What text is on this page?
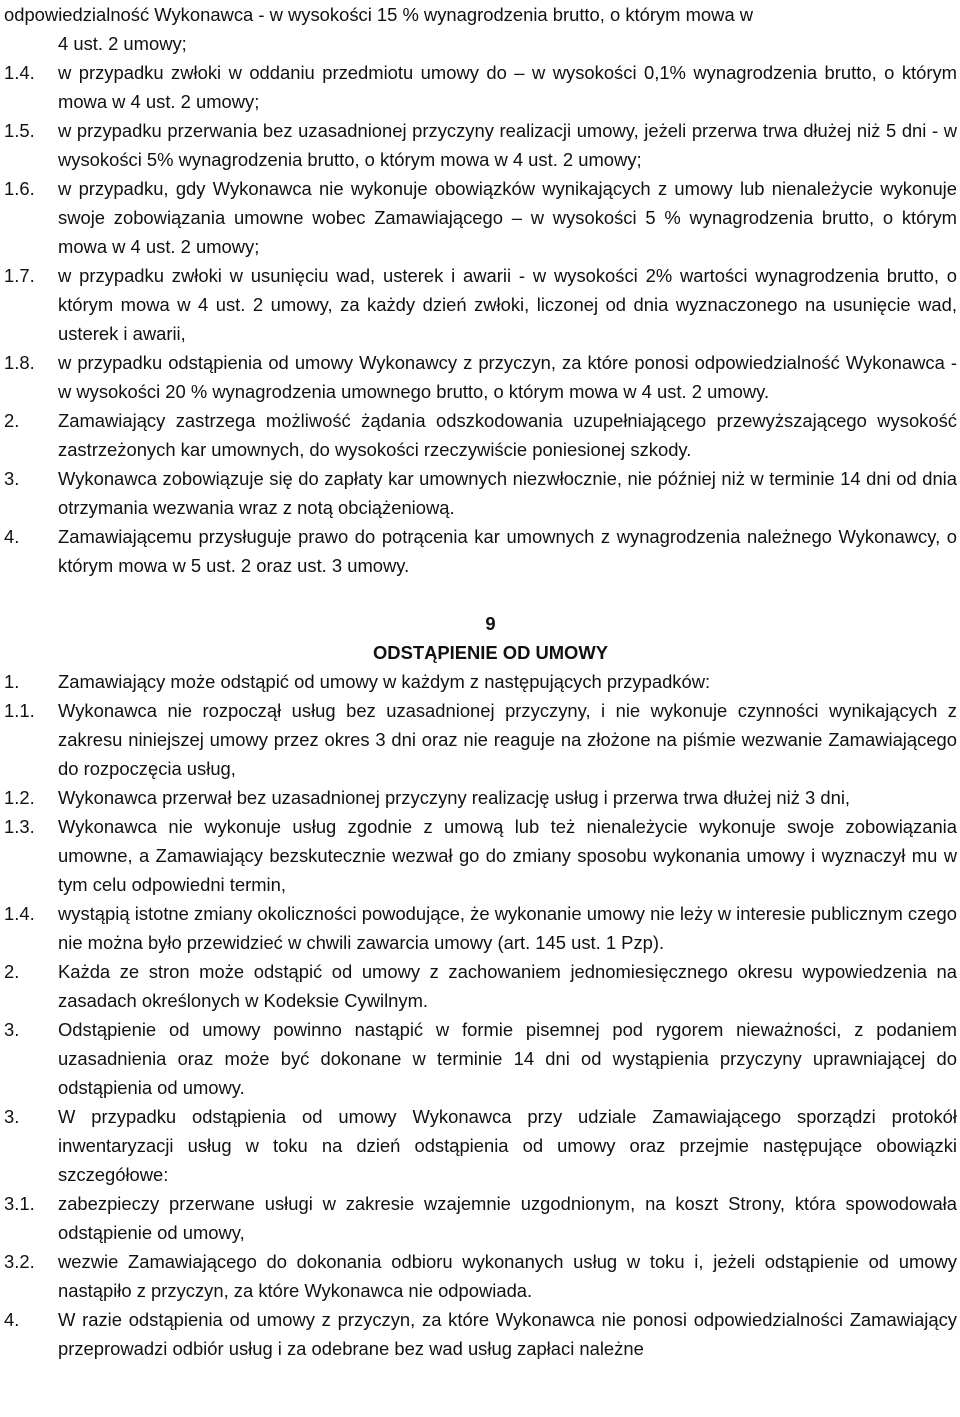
odpowiedzialność Wykonawca - w wysokości 15 % wynagrodzenia brutto, o którym mowa w
4 ust. 2 umowy;
1.4.	w przypadku zwłoki w oddaniu przedmiotu umowy do – w wysokości 0,1% wynagrodzenia brutto, o którym mowa w 4 ust. 2 umowy;
1.5.	w przypadku przerwania bez uzasadnionej przyczyny realizacji umowy, jeżeli przerwa trwa dłużej niż 5 dni - w wysokości 5% wynagrodzenia brutto, o którym mowa w 4 ust. 2 umowy;
1.6.	w przypadku, gdy Wykonawca nie wykonuje obowiązków wynikających z umowy lub nienależycie wykonuje swoje zobowiązania umowne wobec Zamawiającego – w wysokości 5 % wynagrodzenia brutto, o którym mowa w 4 ust. 2 umowy;
1.7.	w przypadku zwłoki w usunięciu wad, usterek i awarii - w wysokości 2% wartości wynagrodzenia brutto, o którym mowa w 4 ust. 2 umowy, za każdy dzień zwłoki, liczonej od dnia wyznaczonego na usunięcie wad, usterek i awarii,
1.8.	w przypadku odstąpienia od umowy Wykonawcy z przyczyn, za które ponosi odpowiedzialność Wykonawca - w wysokości 20 % wynagrodzenia umownego brutto, o którym mowa w 4 ust. 2 umowy.
2.	Zamawiający zastrzega możliwość żądania odszkodowania uzupełniającego przewyższającego wysokość zastrzeżonych kar umownych, do wysokości rzeczywiście poniesionej szkody.
3.	Wykonawca zobowiązuje się do zapłaty kar umownych niezwłocznie, nie później niż w terminie 14 dni od dnia otrzymania wezwania wraz z notą obciążeniową.
4.	Zamawiającemu przysługuje prawo do potrącenia kar umownych z wynagrodzenia należnego Wykonawcy, o którym mowa w 5 ust. 2 oraz ust. 3 umowy.
9
ODSTĄPIENIE OD UMOWY
1.	Zamawiający może odstąpić od umowy w każdym z następujących przypadków:
1.1.	Wykonawca nie rozpoczął usług bez uzasadnionej przyczyny, i nie wykonuje czynności wynikających z zakresu niniejszej umowy przez okres 3 dni oraz nie reaguje na złożone na piśmie wezwanie Zamawiającego do rozpoczęcia usług,
1.2.	Wykonawca przerwał bez uzasadnionej przyczyny realizację usług i przerwa trwa dłużej niż 3 dni,
1.3.	Wykonawca nie wykonuje usług zgodnie z umową lub też nienależycie wykonuje swoje zobowiązania umowne, a Zamawiający bezskutecznie wezwał go do zmiany sposobu wykonania umowy i wyznaczył mu w tym celu odpowiedni termin,
1.4.	wystąpią istotne zmiany okoliczności powodujące, że wykonanie umowy nie leży w interesie publicznym czego nie można było przewidzieć w chwili zawarcia umowy (art. 145 ust. 1 Pzp).
2.	Każda ze stron może odstąpić od umowy z zachowaniem jednomiesięcznego okresu wypowiedzenia na zasadach określonych w Kodeksie Cywilnym.
3.	Odstąpienie od umowy powinno nastąpić w formie pisemnej pod rygorem nieważności, z podaniem uzasadnienia oraz może być dokonane w terminie 14 dni od wystąpienia przyczyny uprawniającej do odstąpienia od umowy.
3.	W przypadku odstąpienia od umowy Wykonawca przy udziale Zamawiającego sporządzi protokół inwentaryzacji usług w toku na dzień odstąpienia od umowy oraz przejmie następujące obowiązki szczegółowe:
3.1.	zabezpieczy przerwane usługi w zakresie wzajemnie uzgodnionym, na koszt Strony, która spowodowała odstąpienie od umowy,
3.2.	wezwie Zamawiającego do dokonania odbioru wykonanych usług w toku i, jeżeli odstąpienie od umowy nastąpiło z przyczyn, za które Wykonawca nie odpowiada.
4.	W razie odstąpienia od umowy z przyczyn, za które Wykonawca nie ponosi odpowiedzialności Zamawiający przeprowadzi odbiór usług i za odebrane bez wad usług zapłaci należne
